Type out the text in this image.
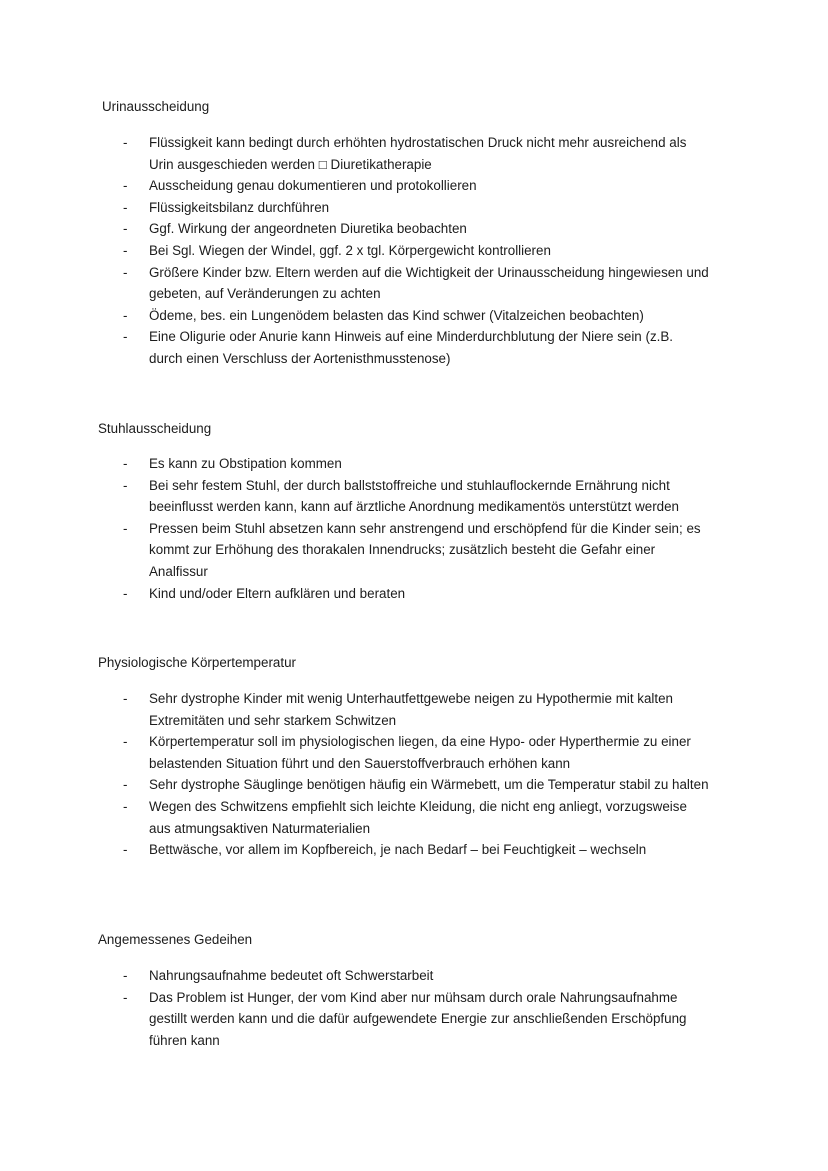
Urinausscheidung
- Flüssigkeit kann bedingt durch erhöhten hydrostatischen Druck nicht mehr ausreichend als Urin ausgeschieden werden □ Diuretikatherapie
- Ausscheidung genau dokumentieren und protokollieren
- Flüssigkeitsbilanz durchführen
- Ggf. Wirkung der angeordneten Diuretika beobachten
- Bei Sgl. Wiegen der Windel, ggf. 2 x tgl. Körpergewicht kontrollieren
- Größere Kinder bzw. Eltern werden auf die Wichtigkeit der Urinausscheidung hingewiesen und gebeten, auf Veränderungen zu achten
- Ödeme, bes. ein Lungenödem belasten das Kind schwer (Vitalzeichen beobachten)
- Eine Oligurie oder Anurie kann Hinweis auf eine Minderdurchblutung der Niere sein (z.B. durch einen Verschluss der Aortenisthmusstenose)
Stuhlausscheidung
- Es kann zu Obstipation kommen
- Bei sehr festem Stuhl, der durch ballststoffreiche und stuhlauflockernde Ernährung nicht beeinflusst werden kann, kann auf ärztliche Anordnung medikamentös unterstützt werden
- Pressen beim Stuhl absetzen kann sehr anstrengend und erschöpfend für die Kinder sein; es kommt zur Erhöhung des thorakalen Innendrucks; zusätzlich besteht die Gefahr einer Analfissur
- Kind und/oder Eltern aufklären und beraten
Physiologische Körpertemperatur
- Sehr dystrophe Kinder mit wenig Unterhautfettgewebe neigen zu Hypothermie mit kalten Extremitäten und sehr starkem Schwitzen
- Körpertemperatur soll im physiologischen liegen, da eine Hypo- oder Hyperthermie zu einer belastenden Situation führt und den Sauerstoffverbrauch erhöhen kann
- Sehr dystrophe Säuglinge benötigen häufig ein Wärmebett, um die Temperatur stabil zu halten
- Wegen des Schwitzens empfiehlt sich leichte Kleidung, die nicht eng anliegt, vorzugsweise aus atmungsaktiven Naturmaterialien
- Bettwäsche, vor allem im Kopfbereich, je nach Bedarf – bei Feuchtigkeit – wechseln
Angemessenes Gedeihen
- Nahrungsaufnahme bedeutet oft Schwerstarbeit
- Das Problem ist Hunger, der vom Kind aber nur mühsam durch orale Nahrungsaufnahme gestillt werden kann und die dafür aufgewendete Energie zur anschließenden Erschöpfung führen kann
